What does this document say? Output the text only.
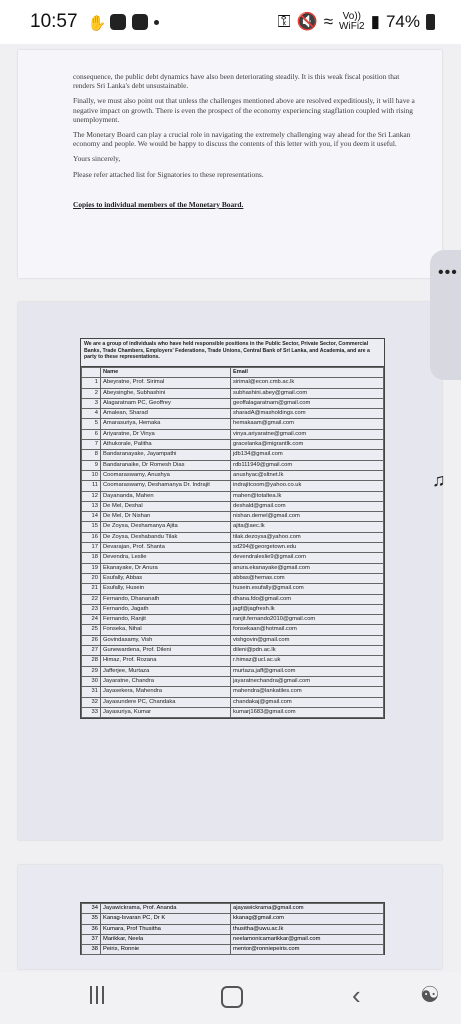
10:57 ✋	⚿ 🔇 ≈ Vo))
WiFi2 ▮ 74%

consequence, the public debt dynamics have also been deteriorating steadily. It is this weak fiscal position that renders Sri Lanka's debt unsustainable.

Finally, we must also point out that unless the challenges mentioned above are resolved expeditiously, it will have a negative impact on growth. There is even the prospect of the economy experiencing stagflation coupled with rising unemployment.

The Monetary Board can play a crucial role in navigating the extremely challenging way ahead for the Sri Lankan economy and people. We would be happy to discuss the contents of this letter with you, if you deem it useful.

Yours sincerely,

Please refer attached list for Signatories to these representations.

Copies to individual members of the Monetary Board.

We are a group of individuals who have held responsible positions in the Public Sector, Private Sector, Commercial Banks, Trade Chambers, Employers' Federations, Trade Unions, Central Bank of Sri Lanka, and Academia, and are a party to these representations.
	Name	Email
1	Abeyratne, Prof. Sirimal	sirimal@econ.cmb.ac.lk
2	Abeysinghe, Subhashini	subhashini.abey@gmail.com
3	Alagaratnam PC, Geoffrey	geoffalagaratnam@gmail.com
4	Amalean, Sharad	sharadA@masholdings.com
5	Amarasuriya, Hemaka	hemakaam@gmail.com
6	Ariyaratne, Dr Vinya	vinya.ariyaratne@gmail.com
7	Athukorale, Palitha	gracelanka@migrantlk.com
8	Bandaranayake, Jayampathi	jdb134@gmail.com
9	Bandaranaike, Dr Romesh Dias	rdb111949@gmail.com
10	Coomaraswamy, Anushya	anushyac@sltnet.lk
11	Coomaraswamy, Deshamanya Dr. Indrajit	indrajitcoom@yahoo.co.uk
12	Dayananda, Mahen	mahen@totaltea.lk
13	De Mel, Deshal	deshald@gmail.com
14	De Mel, Dr Nishan	nishan.demel@gmail.com
15	De Zoysa, Deshamanya Ajita	ajita@aec.lk
16	De Zoysa, Deshabandu Tilak	tilak.dezoysa@yahoo.com
17	Devarajan, Prof. Shanta	sd294@georgetown.edu
18	Devendra, Leslie	devendraleslie9@gmail.com
19	Ekanayake, Dr Anura	anura.ekanayake@gmail.com
20	Esufally, Abbas	abbas@hemas.com
21	Esufally, Husein	husein.esufally@gmail.com
22	Fernando, Dhananath	dhana.fdo@gmail.com
23	Fernando, Jagath	jagf@jagfresh.lk
24	Fernando, Ranjit	ranjit.fernando2010@gmail.com
25	Fonseka, Nihal	fonsekaan@hotmail.com
26	Govindasamy, Vish	vishgovin@gmail.com
27	Gunewardena, Prof. Dileni	dileni@pdn.ac.lk
28	Himaz, Prof. Rozana	r.himaz@ucl.ac.uk
29	Jafferjee, Murtaza	murtaza.jaff@gmail.com
30	Jayaratne, Chandra	jayaratnechandra@gmail.com
31	Jayasekera, Mahendra	mahendra@lankatiles.com
32	Jayasundere PC, Chandaka	chandakaj@gmail.com
33	Jayasuriya, Kumar	kumarj1683@gmail.com
34	Jayawickrama, Prof. Ananda	ajayawickrama@gmail.com
35	Kanag-Isvaran PC, Dr K	kkanag@gmail.com
36	Kumara, Prof Thusitha	thusitha@uwu.ac.lk
37	Marikkar, Neela	neelamonicamarikkar@gmail.com
38	Peiris, Ronnie	mentor@ronniepeiris.com
•••
♫
‹	☯
